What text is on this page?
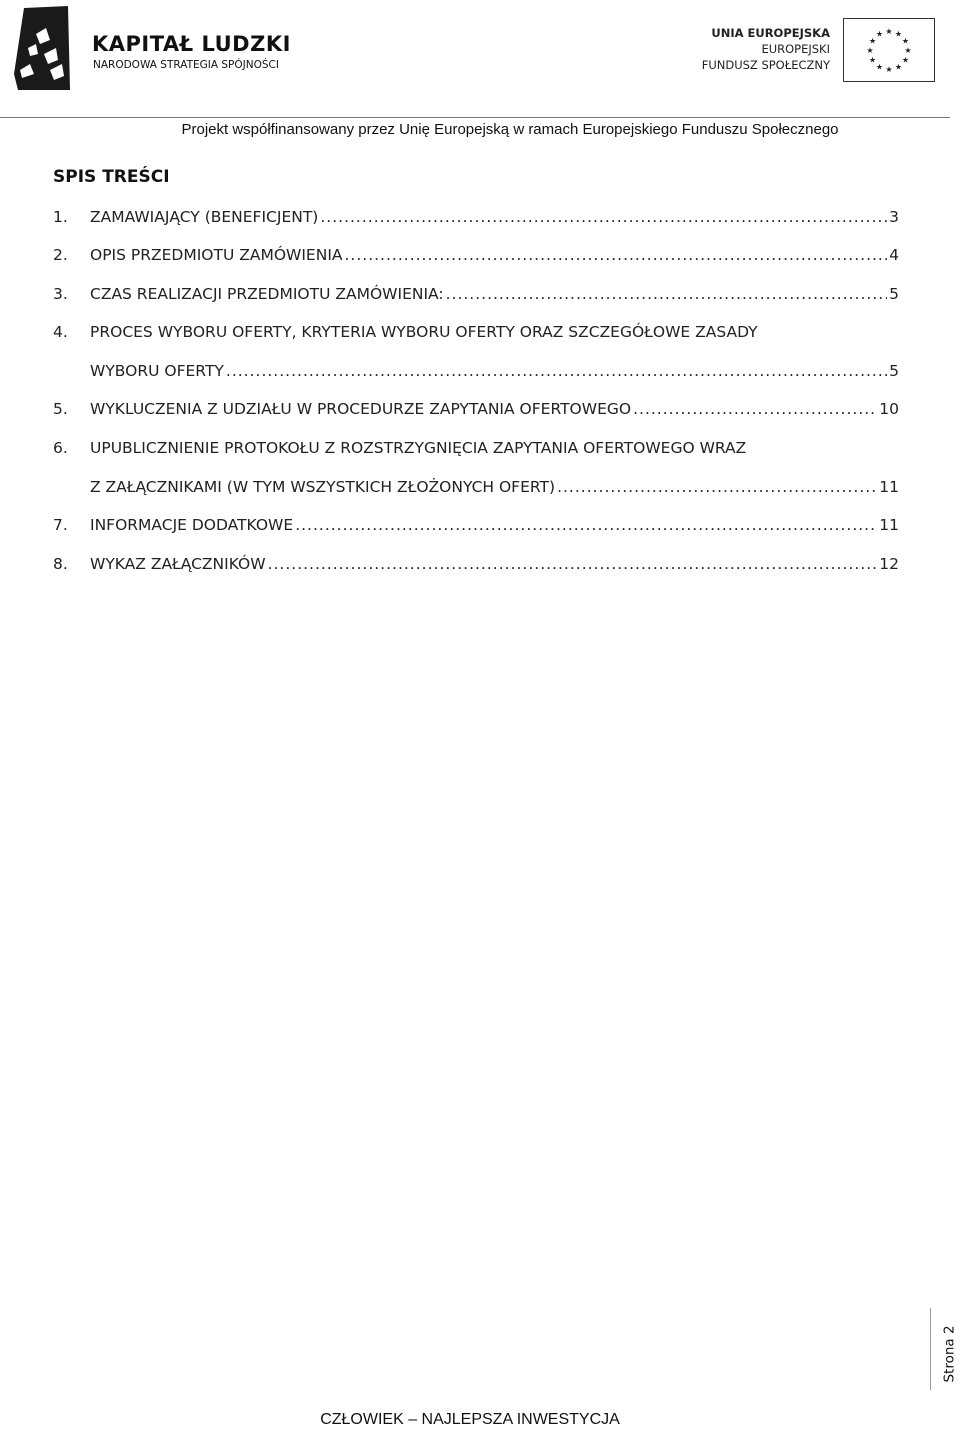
KAPITAŁ LUDZKI
NARODOWA STRATEGIA SPÓJNOŚCI
UNIA EUROPEJSKA
EUROPEJSKI
FUNDUSZ SPOŁECZNY
★ ★
★
★
★
★
★
★
★
★
★
★
Projekt współfinansowany przez Unię Europejską w ramach Europejskiego Funduszu Społecznego
SPIS TREŚCI
1.	ZAMAWIAJĄCY (BENEFICJENT) .....	3
2.	OPIS PRZEDMIOTU ZAMÓWIENIA .....	4
3.	CZAS REALIZACJI PRZEDMIOTU ZAMÓWIENIA: .....	5
4.	PROCES WYBORU OFERTY, KRYTERIA WYBORU OFERTY ORAZ SZCZEGÓŁOWE ZASADY
WYBORU OFERTY .....	5
5.	WYKLUCZENIA Z UDZIAŁU W PROCEDURZE ZAPYTANIA OFERTOWEGO .....	10
6.	UPUBLICZNIENIE PROTOKOŁU Z ROZSTRZYGNIĘCIA ZAPYTANIA OFERTOWEGO WRAZ
Z ZAŁĄCZNIKAMI (W TYM WSZYSTKICH ZŁOŻONYCH OFERT) .....	11
7.	INFORMACJE DODATKOWE .....	11
8.	WYKAZ ZAŁĄCZNIKÓW .....	12
Strona 2
CZŁOWIEK – NAJLEPSZA INWESTYCJA
